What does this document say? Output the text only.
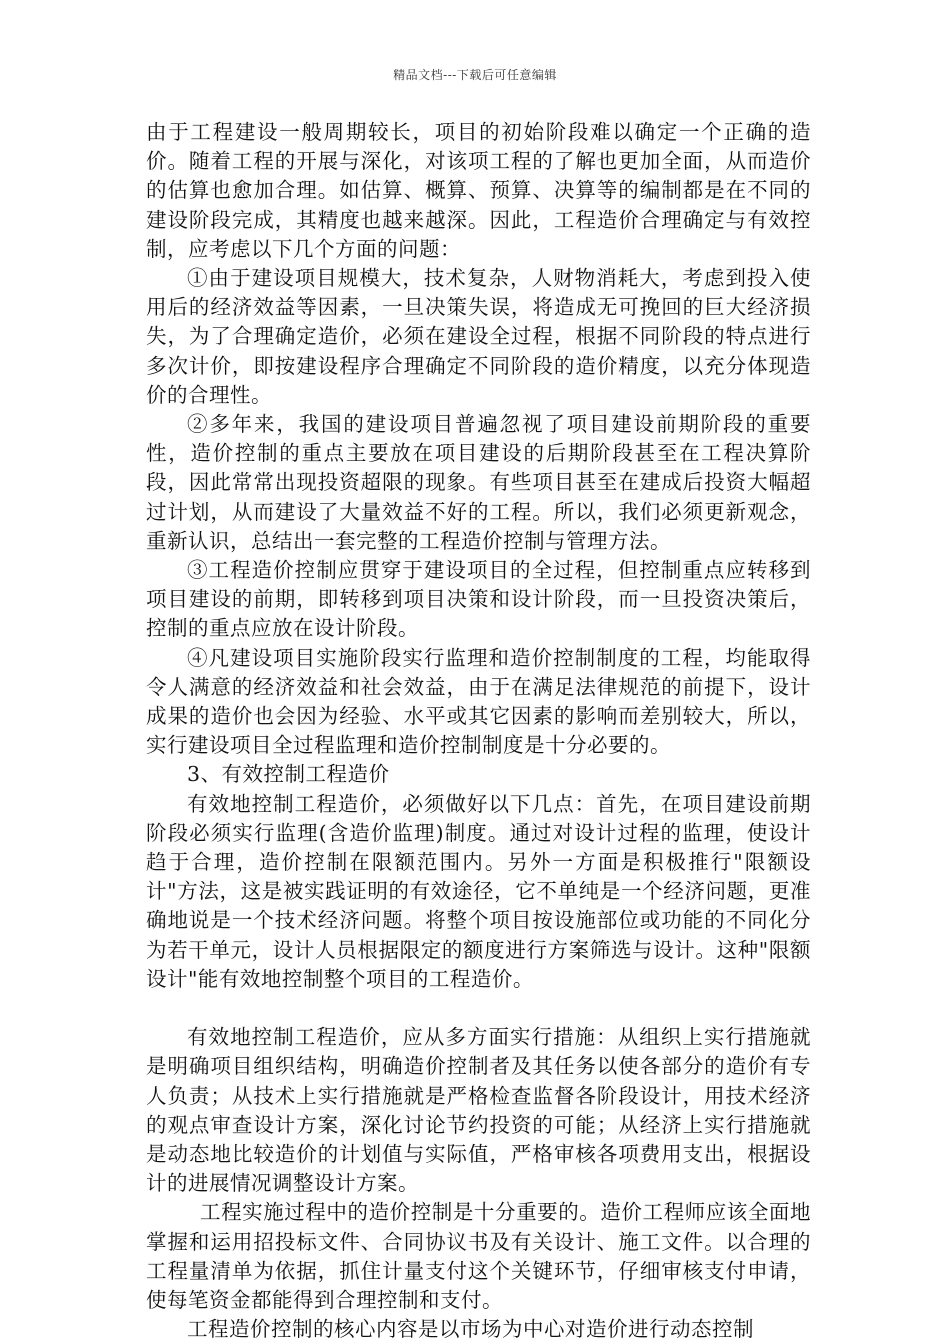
精品文档---下载后可任意编辑

由于工程建设一般周期较长，项目的初始阶段难以确定一个正确的造价。随着工程的开展与深化，对该项工程的了解也更加全面，从而造价的估算也愈加合理。如估算、概算、预算、决算等的编制都是在不同的建设阶段完成，其精度也越来越深。因此，工程造价合理确定与有效控制，应考虑以下几个方面的问题：

①由于建设项目规模大，技术复杂，人财物消耗大，考虑到投入使用后的经济效益等因素，一旦决策失误，将造成无可挽回的巨大经济损失，为了合理确定造价，必须在建设全过程，根据不同阶段的特点进行多次计价，即按建设程序合理确定不同阶段的造价精度，以充分体现造价的合理性。

②多年来，我国的建设项目普遍忽视了项目建设前期阶段的重要性，造价控制的重点主要放在项目建设的后期阶段甚至在工程决算阶段，因此常常出现投资超限的现象。有些项目甚至在建成后投资大幅超过计划，从而建设了大量效益不好的工程。所以，我们必须更新观念，重新认识，总结出一套完整的工程造价控制与管理方法。

③工程造价控制应贯穿于建设项目的全过程，但控制重点应转移到项目建设的前期，即转移到项目决策和设计阶段，而一旦投资决策后，控制的重点应放在设计阶段。

④凡建设项目实施阶段实行监理和造价控制制度的工程，均能取得令人满意的经济效益和社会效益，由于在满足法律规范的前提下，设计成果的造价也会因为经验、水平或其它因素的影响而差别较大，所以，实行建设项目全过程监理和造价控制制度是十分必要的。

3、有效控制工程造价

有效地控制工程造价，必须做好以下几点：首先，在项目建设前期阶段必须实行监理(含造价监理)制度。通过对设计过程的监理，使设计趋于合理，造价控制在限额范围内。另外一方面是积极推行"限额设计"方法，这是被实践证明的有效途径，它不单纯是一个经济问题，更准确地说是一个技术经济问题。将整个项目按设施部位或功能的不同化分为若干单元，设计人员根据限定的额度进行方案筛选与设计。这种"限额设计"能有效地控制整个项目的工程造价。

有效地控制工程造价，应从多方面实行措施：从组织上实行措施就是明确项目组织结构，明确造价控制者及其任务以使各部分的造价有专人负责；从技术上实行措施就是严格检查监督各阶段设计，用技术经济的观点审查设计方案，深化讨论节约投资的可能；从经济上实行措施就是动态地比较造价的计划值与实际值，严格审核各项费用支出，根据设计的进展情况调整设计方案。

工程实施过程中的造价控制是十分重要的。造价工程师应该全面地掌握和运用招投标文件、合同协议书及有关设计、施工文件。以合理的工程量清单为依据，抓住计量支付这个关键环节，仔细审核支付申请，使每笔资金都能得到合理控制和支付。

工程造价控制的核心内容是以市场为中心对造价进行动态控制
